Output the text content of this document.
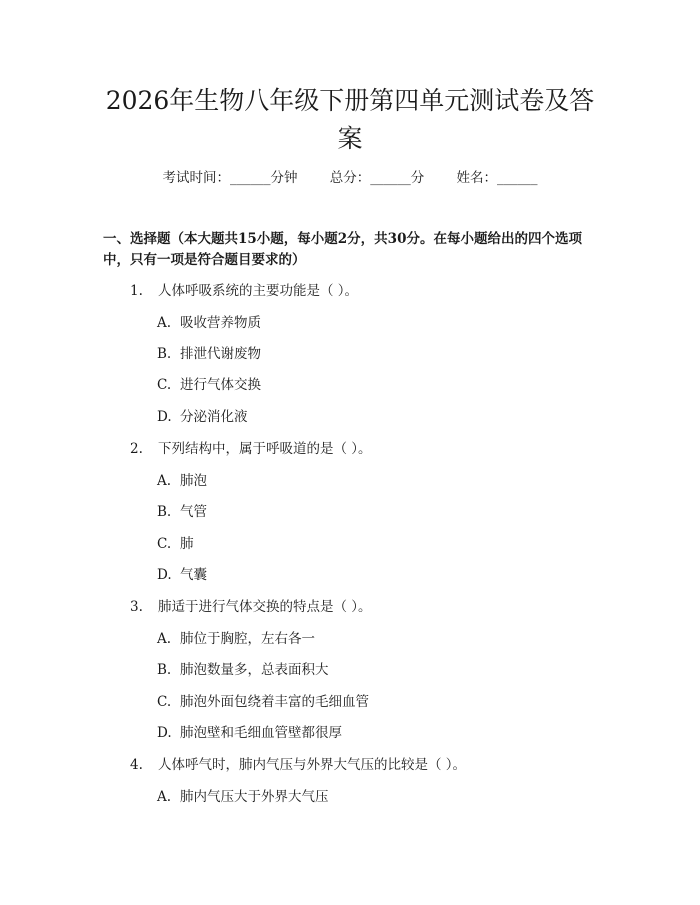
2026年生物八年级下册第四单元测试卷及答案
考试时间：______分钟 总分：______分 姓名：______

一、选择题（本大题共15小题，每小题2分，共30分。在每小题给出的四个选项中，只有一项是符合题目要求的）

1. 人体呼吸系统的主要功能是（ ）。
A. 吸收营养物质
B. 排泄代谢废物
C. 进行气体交换
D. 分泌消化液
2. 下列结构中，属于呼吸道的是（ ）。
A. 肺泡
B. 气管
C. 肺
D. 气囊
3. 肺适于进行气体交换的特点是（ ）。
A. 肺位于胸腔，左右各一
B. 肺泡数量多，总表面积大
C. 肺泡外面包绕着丰富的毛细血管
D. 肺泡壁和毛细血管壁都很厚
4. 人体呼气时，肺内气压与外界大气压的比较是（ ）。
A. 肺内气压大于外界大气压
